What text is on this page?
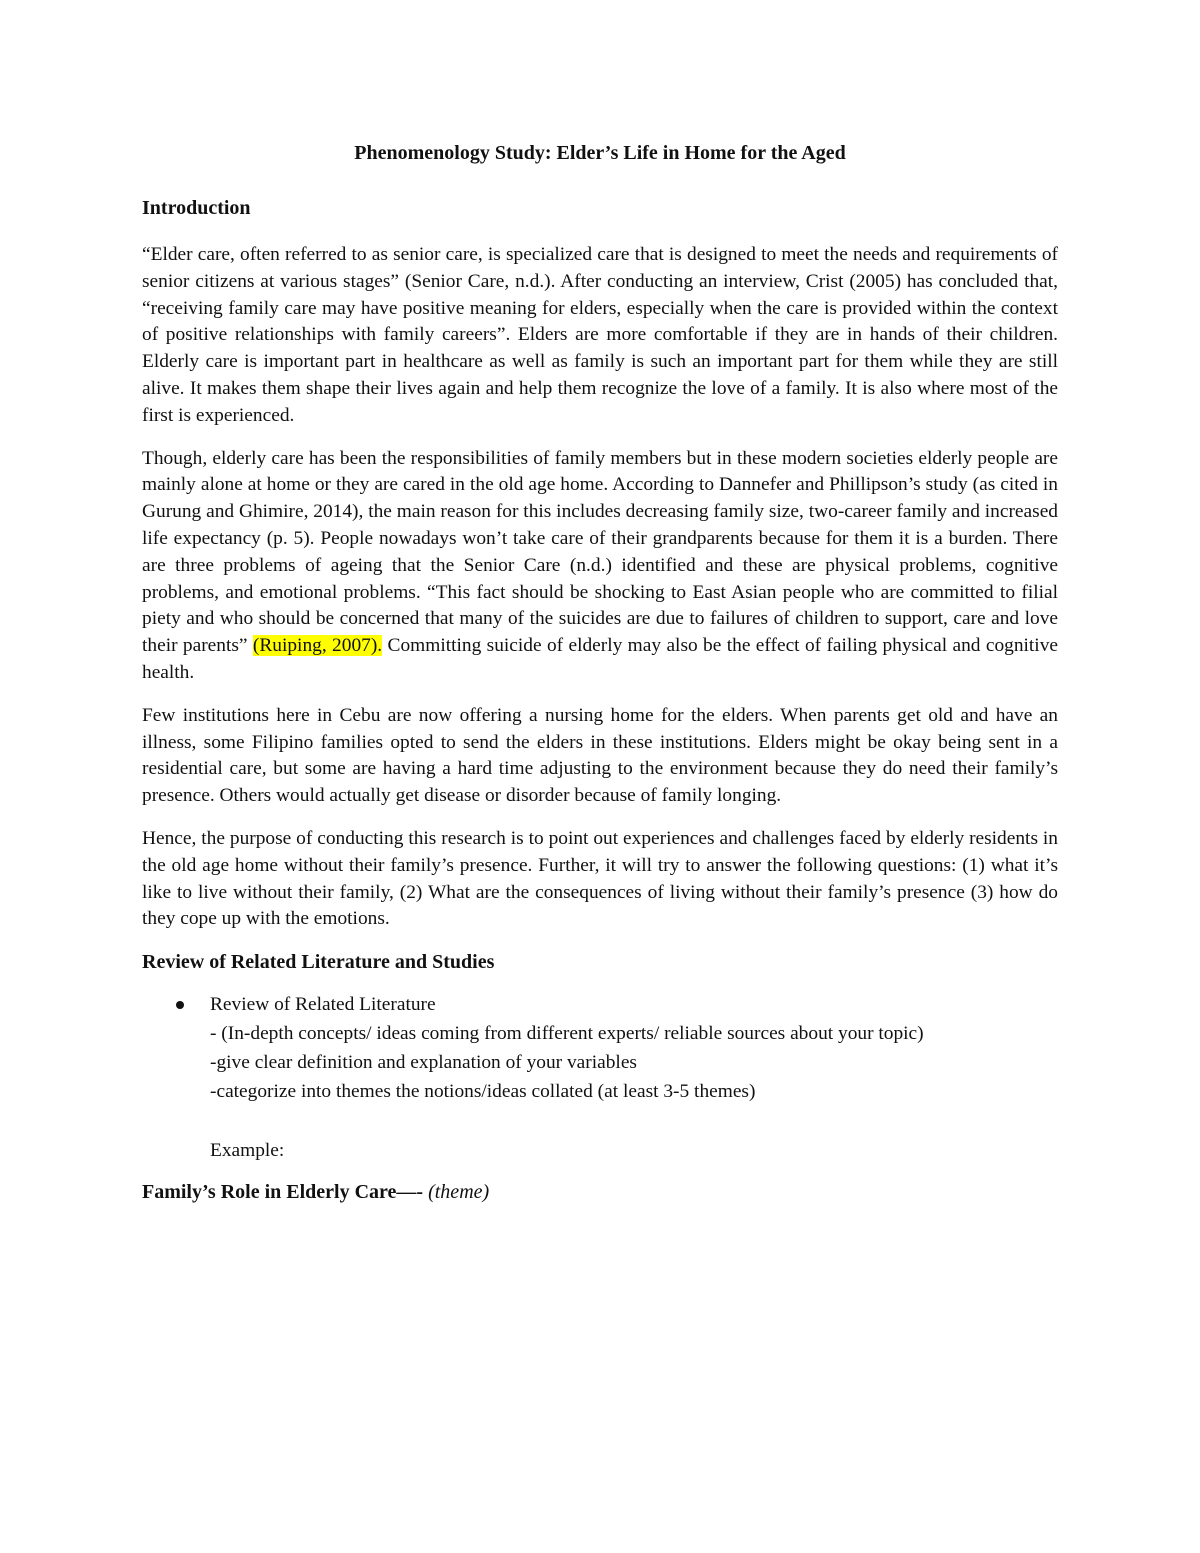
Phenomenology Study: Elder’s Life in Home for the Aged
Introduction

“Elder care, often referred to as senior care, is specialized care that is designed to meet the needs and requirements of senior citizens at various stages” (Senior Care, n.d.). After conducting an interview, Crist (2005) has concluded that, “receiving family care may have positive meaning for elders, especially when the care is provided within the context of positive relationships with family careers”. Elders are more comfortable if they are in hands of their children. Elderly care is important part in healthcare as well as family is such an important part for them while they are still alive. It makes them shape their lives again and help them recognize the love of a family. It is also where most of the first is experienced.

Though, elderly care has been the responsibilities of family members but in these modern societies elderly people are mainly alone at home or they are cared in the old age home. According to Dannefer and Phillipson’s study (as cited in Gurung and Ghimire, 2014), the main reason for this includes decreasing family size, two-career family and increased life expectancy (p. 5). People nowadays won’t take care of their grandparents because for them it is a burden. There are three problems of ageing that the Senior Care (n.d.) identified and these are physical problems, cognitive problems, and emotional problems. “This fact should be shocking to East Asian people who are committed to filial piety and who should be concerned that many of the suicides are due to failures of children to support, care and love their parents” (Ruiping, 2007). Committing suicide of elderly may also be the effect of failing physical and cognitive health.

Few institutions here in Cebu are now offering a nursing home for the elders. When parents get old and have an illness, some Filipino families opted to send the elders in these institutions. Elders might be okay being sent in a residential care, but some are having a hard time adjusting to the environment because they do need their family’s presence. Others would actually get disease or disorder because of family longing.

Hence, the purpose of conducting this research is to point out experiences and challenges faced by elderly residents in the old age home without their family’s presence. Further, it will try to answer the following questions: (1) what it’s like to live without their family, (2) What are the consequences of living without their family’s presence (3) how do they cope up with the emotions.

Review of Related Literature and Studies
Review of Related Literature
- (In-depth concepts/ ideas coming from different experts/ reliable sources about your topic)
-give clear definition and explanation of your variables
-categorize into themes the notions/ideas collated (at least 3-5 themes)
Example:
Family’s Role in Elderly Care—- (theme)
